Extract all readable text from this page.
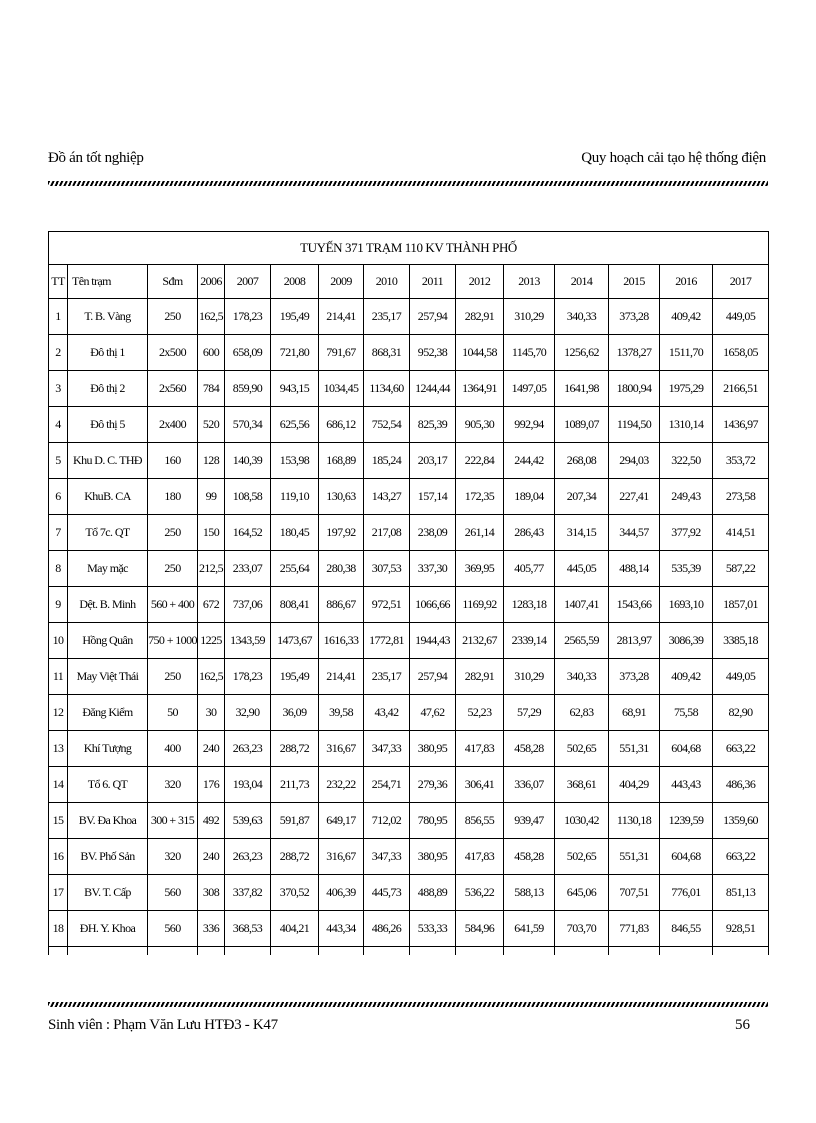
Đồ án tốt nghiệp	Quy hoạch cải tạo hệ thống điện
TUYẾN 371 TRẠM 110 KV THÀNH PHỐ														
TT	Tên trạm	Sđm	2006	2007	2008	2009	2010	2011	2012	2013	2014	2015	2016	2017
1	T. B. Vàng	250	162,5	178,23	195,49	214,41	235,17	257,94	282,91	310,29	340,33	373,28	409,42	449,05
2	Đô thị 1	2x500	600	658,09	721,80	791,67	868,31	952,38	1044,58	1145,70	1256,62	1378,27	1511,70	1658,05
3	Đô thị 2	2x560	784	859,90	943,15	1034,45	1134,60	1244,44	1364,91	1497,05	1641,98	1800,94	1975,29	2166,51
4	Đô thị 5	2x400	520	570,34	625,56	686,12	752,54	825,39	905,30	992,94	1089,07	1194,50	1310,14	1436,97
5	Khu D. C. THĐ	160	128	140,39	153,98	168,89	185,24	203,17	222,84	244,42	268,08	294,03	322,50	353,72
6	KhuB. CA	180	99	108,58	119,10	130,63	143,27	157,14	172,35	189,04	207,34	227,41	249,43	273,58
7	Tổ 7c. QT	250	150	164,52	180,45	197,92	217,08	238,09	261,14	286,43	314,15	344,57	377,92	414,51
8	May mặc	250	212,5	233,07	255,64	280,38	307,53	337,30	369,95	405,77	445,05	488,14	535,39	587,22
9	Dệt. B. Minh	560 + 400	672	737,06	808,41	886,67	972,51	1066,66	1169,92	1283,18	1407,41	1543,66	1693,10	1857,01
10	Hồng Quân	750 + 1000	1225	1343,59	1473,67	1616,33	1772,81	1944,43	2132,67	2339,14	2565,59	2813,97	3086,39	3385,18
11	May Việt Thái	250	162,5	178,23	195,49	214,41	235,17	257,94	282,91	310,29	340,33	373,28	409,42	449,05
12	Đăng Kiểm	50	30	32,90	36,09	39,58	43,42	47,62	52,23	57,29	62,83	68,91	75,58	82,90
13	Khí Tượng	400	240	263,23	288,72	316,67	347,33	380,95	417,83	458,28	502,65	551,31	604,68	663,22
14	Tổ 6. QT	320	176	193,04	211,73	232,22	254,71	279,36	306,41	336,07	368,61	404,29	443,43	486,36
15	BV. Đa Khoa	300 + 315	492	539,63	591,87	649,17	712,02	780,95	856,55	939,47	1030,42	1130,18	1239,59	1359,60
16	BV. Phố Sản	320	240	263,23	288,72	316,67	347,33	380,95	417,83	458,28	502,65	551,31	604,68	663,22
17	BV. T. Cấp	560	308	337,82	370,52	406,39	445,73	488,89	536,22	588,13	645,06	707,51	776,01	851,13
18	ĐH. Y. Khoa	560	336	368,53	404,21	443,34	486,26	533,33	584,96	641,59	703,70	771,83	846,55	928,51

Sinh viên : Phạm Văn Lưu HTĐ3 - K47	56
